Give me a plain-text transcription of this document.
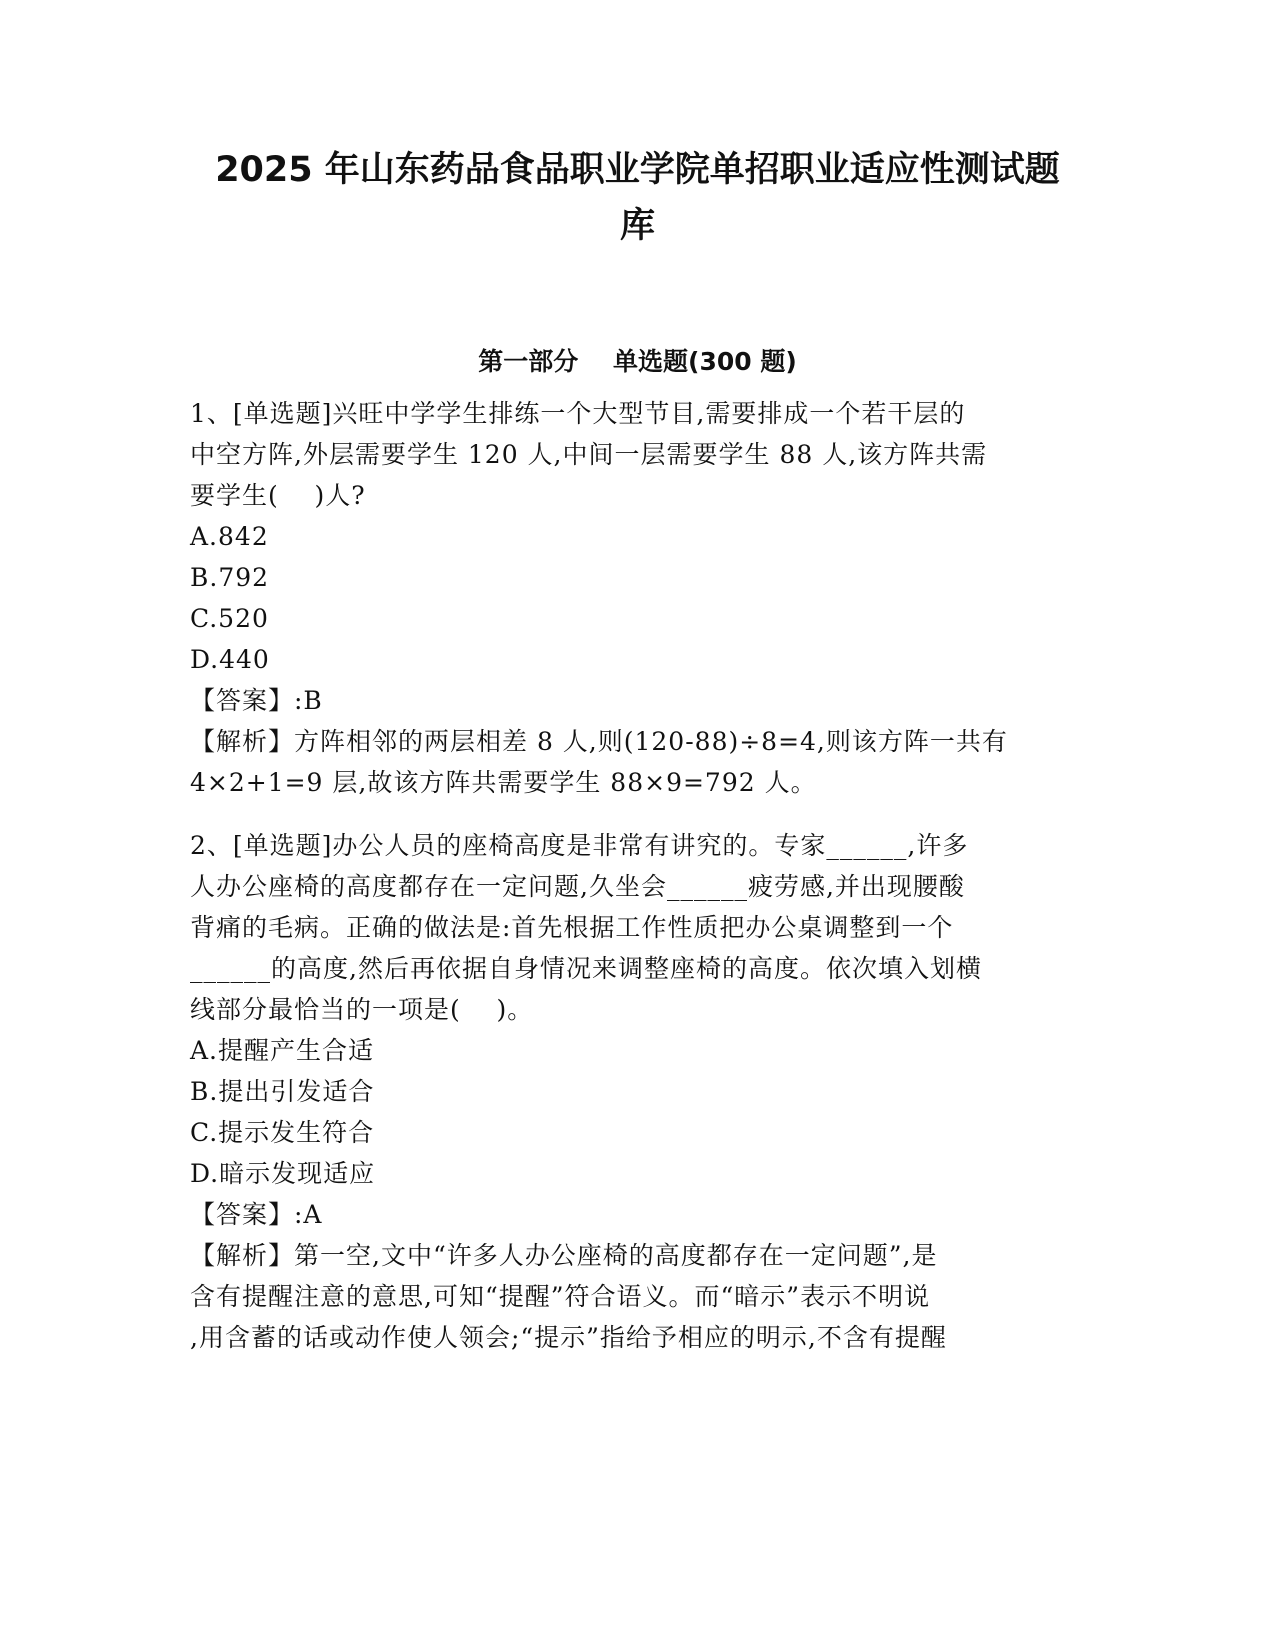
2025 年山东药品食品职业学院单招职业适应性测试题
库
第一部分    单选题(300 题)
1、[单选题]兴旺中学学生排练一个大型节目,需要排成一个若干层的
中空方阵,外层需要学生 120 人,中间一层需要学生 88 人,该方阵共需
要学生(    )人?
A.842
B.792
C.520
D.440
【答案】:B
【解析】方阵相邻的两层相差 8 人,则(120-88)÷8=4,则该方阵一共有
4×2+1=9 层,故该方阵共需要学生 88×9=792 人。
2、[单选题]办公人员的座椅高度是非常有讲究的。专家______,许多
人办公座椅的高度都存在一定问题,久坐会______疲劳感,并出现腰酸
背痛的毛病。正确的做法是:首先根据工作性质把办公桌调整到一个
______的高度,然后再依据自身情况来调整座椅的高度。依次填入划横
线部分最恰当的一项是(    )。
A.提醒产生合适
B.提出引发适合
C.提示发生符合
D.暗示发现适应
【答案】:A
【解析】第一空,文中“许多人办公座椅的高度都存在一定问题”,是
含有提醒注意的意思,可知“提醒”符合语义。而“暗示”表示不明说
,用含蓄的话或动作使人领会;“提示”指给予相应的明示,不含有提醒
